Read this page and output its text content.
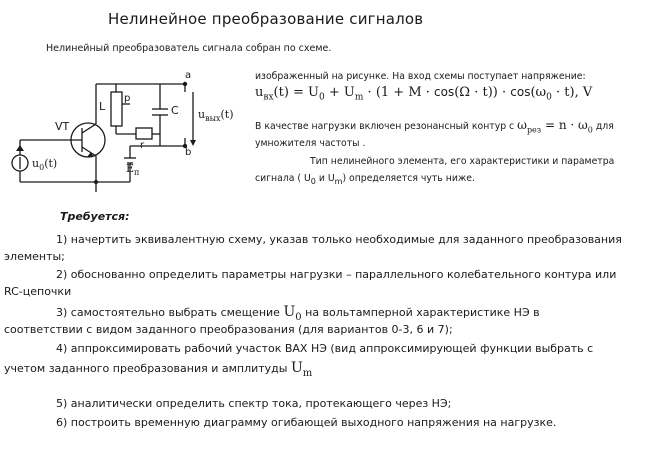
Нелинейное преобразование сигналов
Нелинейный преобразователь сигнала собран по схеме.
VT
L
p
C
r
a
b
$u_{вых}(t)$
$u_0(t)$	$E_п$
изображенный на рисунке. На вход схемы поступает напряжение:
$u_{вх}(t) = U_0 + U_m \cdot (1 + M \cdot \cos(\Omega \cdot t)) \cdot \cos(\omega_0 \cdot t)$, V
В качестве нагрузки включен резонансный контур с $\omega_{рез} = n \cdot \omega_0$ для
умножителя частоты .
Тип нелинейного элемента, его характеристики и параметра
сигнала ( $U_0$ и $U_m$) определяется чуть ниже.
Требуется:
1) начертить эквивалентную схему, указав только необходимые для заданного преобразования
элементы;
2) обоснованно определить параметры нагрузки – параллельного колебательного контура или
RC-цепочки
3) самостоятельно выбрать смещение $U_0$ на вольтамперной характеристике НЭ в
соответствии с видом заданного преобразования (для вариантов 0-3, 6 и 7);
4) аппроксимировать рабочий участок ВАХ НЭ (вид аппроксимирующей функции выбрать с
учетом заданного преобразования и амплитуды $U_m$
5) аналитически определить спектр тока, протекающего через НЭ;
6) построить временную диаграмму огибающей выходного напряжения на нагрузке.
